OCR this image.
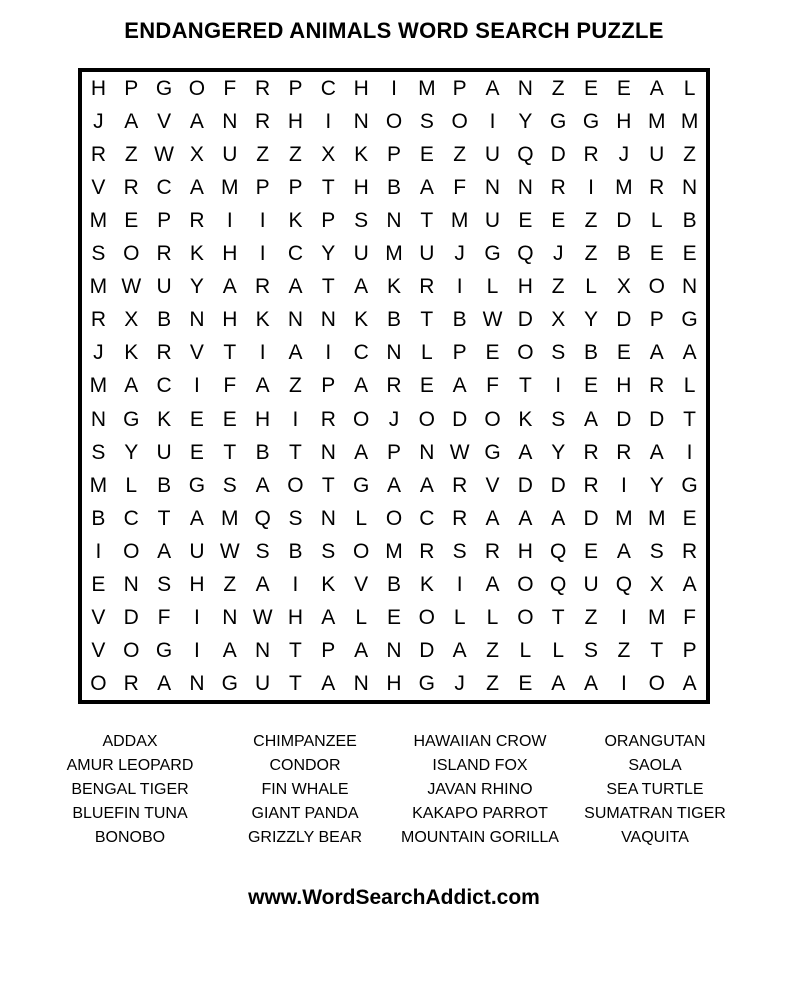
ENDANGERED ANIMALS WORD SEARCH PUZZLE
H P G O F R P C H	I	M P A N Z E E A L
J A V A N R H	I	N O S O	I	Y G G H M M
R Z W X U Z Z X K P E Z U Q D R J U Z
V R C A M P P T H B A F N N R	I	M R N
M E P R	I	I	K P S N T M U E E Z D L B
S O R K H	I	C Y U M U J G Q J	Z B E E
M W U Y A R A T A K R	I	L H Z L X O N
R X B N H K N N K B T B W D X Y D P G
J K R V T	I	A	I	C N L P E O S B E A A
M A C	I	F A Z P A R E A F T	I	E H R L
N G K E E H	I	R O J O D O K S A D D T
S Y U E T B T N A P N W G A Y R R A	I
M L B G S A O T G A A R V D D R	I	Y G
B C T A M Q S N L O C R A A A D M M E
I	O A U W S B S O M R S R H Q E A S R
E N S H Z A	I	K V B K	I	A O Q U Q X A
V D F	I	N W H A L E O L	L O T Z	I	M F
V O G	I	A N T P A N D A Z L	L S Z T P
O R A N G U T A N H G J	Z E A A	I	O A
ADDAX
AMUR LEOPARD
BENGAL TIGER
BLUEFIN TUNA
BONOBO
CHIMPANZEE
CONDOR
FIN WHALE
GIANT PANDA
GRIZZLY BEAR
HAWAIIAN CROW
ISLAND FOX
JAVAN RHINO
KAKAPO PARROT
MOUNTAIN GORILLA
ORANGUTAN
SAOLA
SEA TURTLE
SUMATRAN TIGER
VAQUITA
www.WordSearchAddict.com
